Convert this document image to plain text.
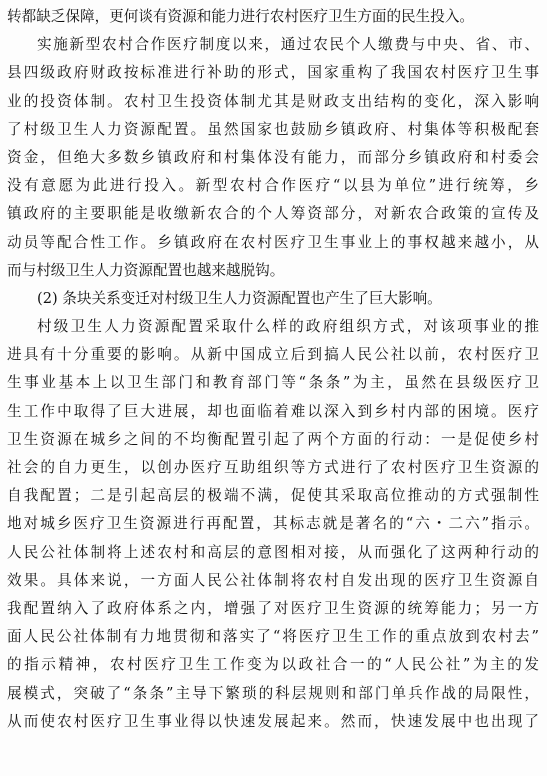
转都缺乏保障，更何谈有资源和能力进行农村医疗卫生方面的民生投入。
实施新型农村合作医疗制度以来，通过农民个人缴费与中央、省、市、
县四级政府财政按标准进行补助的形式，国家重构了我国农村医疗卫生事
业的投资体制。农村卫生投资体制尤其是财政支出结构的变化，深入影响
了村级卫生人力资源配置。虽然国家也鼓励乡镇政府、村集体等积极配套
资金，但绝大多数乡镇政府和村集体没有能力，而部分乡镇政府和村委会
没有意愿为此进行投入。新型农村合作医疗“以县为单位”进行统筹，乡
镇政府的主要职能是收缴新农合的个人筹资部分，对新农合政策的宣传及
动员等配合性工作。乡镇政府在农村医疗卫生事业上的事权越来越小，从
而与村级卫生人力资源配置也越来越脱钩。
(2) 条块关系变迁对村级卫生人力资源配置也产生了巨大影响。
村级卫生人力资源配置采取什么样的政府组织方式，对该项事业的推
进具有十分重要的影响。从新中国成立后到搞人民公社以前，农村医疗卫
生事业基本上以卫生部门和教育部门等“条条”为主，虽然在县级医疗卫
生工作中取得了巨大进展，却也面临着难以深入到乡村内部的困境。医疗
卫生资源在城乡之间的不均衡配置引起了两个方面的行动：一是促使乡村
社会的自力更生，以创办医疗互助组织等方式进行了农村医疗卫生资源的
自我配置；二是引起高层的极端不满，促使其采取高位推动的方式强制性
地对城乡医疗卫生资源进行再配置，其标志就是著名的“六・二六”指示。
人民公社体制将上述农村和高层的意图相对接，从而强化了这两种行动的
效果。具体来说，一方面人民公社体制将农村自发出现的医疗卫生资源自
我配置纳入了政府体系之内，增强了对医疗卫生资源的统筹能力；另一方
面人民公社体制有力地贯彻和落实了“将医疗卫生工作的重点放到农村去”
的指示精神，农村医疗卫生工作变为以政社合一的“人民公社”为主的发
展模式，突破了“条条”主导下繁琐的科层规则和部门单兵作战的局限性，
从而使农村医疗卫生事业得以快速发展起来。然而，快速发展中也出现了
